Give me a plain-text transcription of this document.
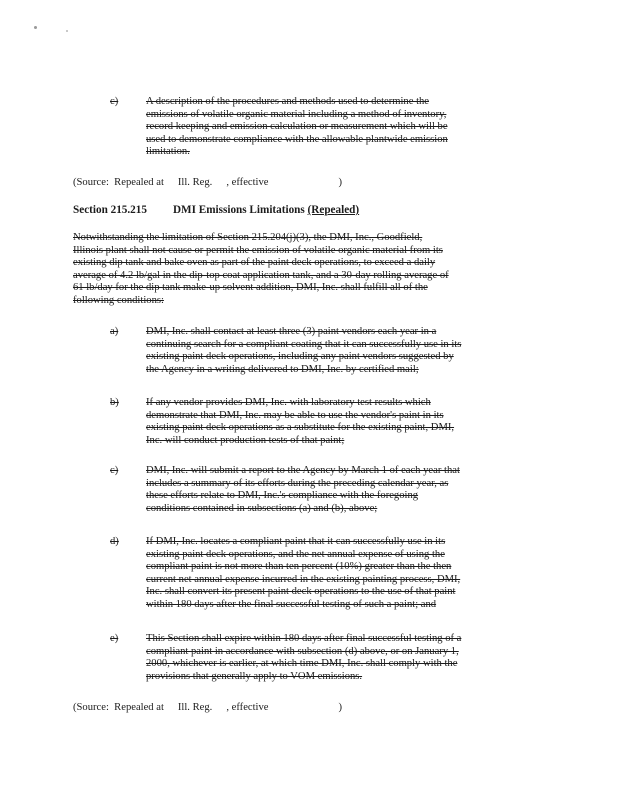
c)	A description of the procedures and methods used to determine the
emissions of volatile organic material including a method of inventory,
record keeping and emission calculation or measurement which will be
used to demonstrate compliance with the allowable plantwide emission
limitation.
(Source:  Repealed at Ill. Reg. , effective	)
Section 215.215 DMI Emissions Limitations (Repealed)
Notwithstanding the limitation of Section 215.204(j)(3), the DMI, Inc., Goodfield,
Illinois plant shall not cause or permit the emission of volatile organic material from its
existing dip tank and bake oven as part of the paint deck operations, to exceed a daily
average of 4.2 lb/gal in the dip-top coat application tank, and a 30-day rolling average of
61 lb/day for the dip tank make-up solvent addition, DMI, Inc. shall fulfill all of the
following conditions:
a)	DMI, Inc. shall contact at least three (3) paint vendors each year in a
continuing search for a compliant coating that it can successfully use in its
existing paint deck operations, including any paint vendors suggested by
the Agency in a writing delivered to DMI, Inc. by certified mail;
b)	If any vendor provides DMI, Inc. with laboratory test results which
demonstrate that DMI, Inc. may be able to use the vendor's paint in its
existing paint deck operations as a substitute for the existing paint, DMI,
Inc. will conduct production tests of that paint;
c)	DMI, Inc. will submit a report to the Agency by March 1 of each year that
includes a summary of its efforts during the preceding calendar year, as
these efforts relate to DMI, Inc.'s compliance with the foregoing
conditions contained in subsections (a) and (b), above;
d)	If DMI, Inc. locates a compliant paint that it can successfully use in its
existing paint deck operations, and the net annual expense of using the
compliant paint is not more than ten percent (10%) greater than the then
current net annual expense incurred in the existing painting process, DMI,
Inc. shall convert its present paint deck operations to the use of that paint
within 180 days after the final successful testing of such a paint; and
e)	This Section shall expire within 180 days after final successful testing of a
compliant paint in accordance with subsection (d) above, or on January 1,
2000, whichever is earlier, at which time DMI, Inc. shall comply with the
provisions that generally apply to VOM emissions.
(Source:  Repealed at Ill. Reg. , effective	)
